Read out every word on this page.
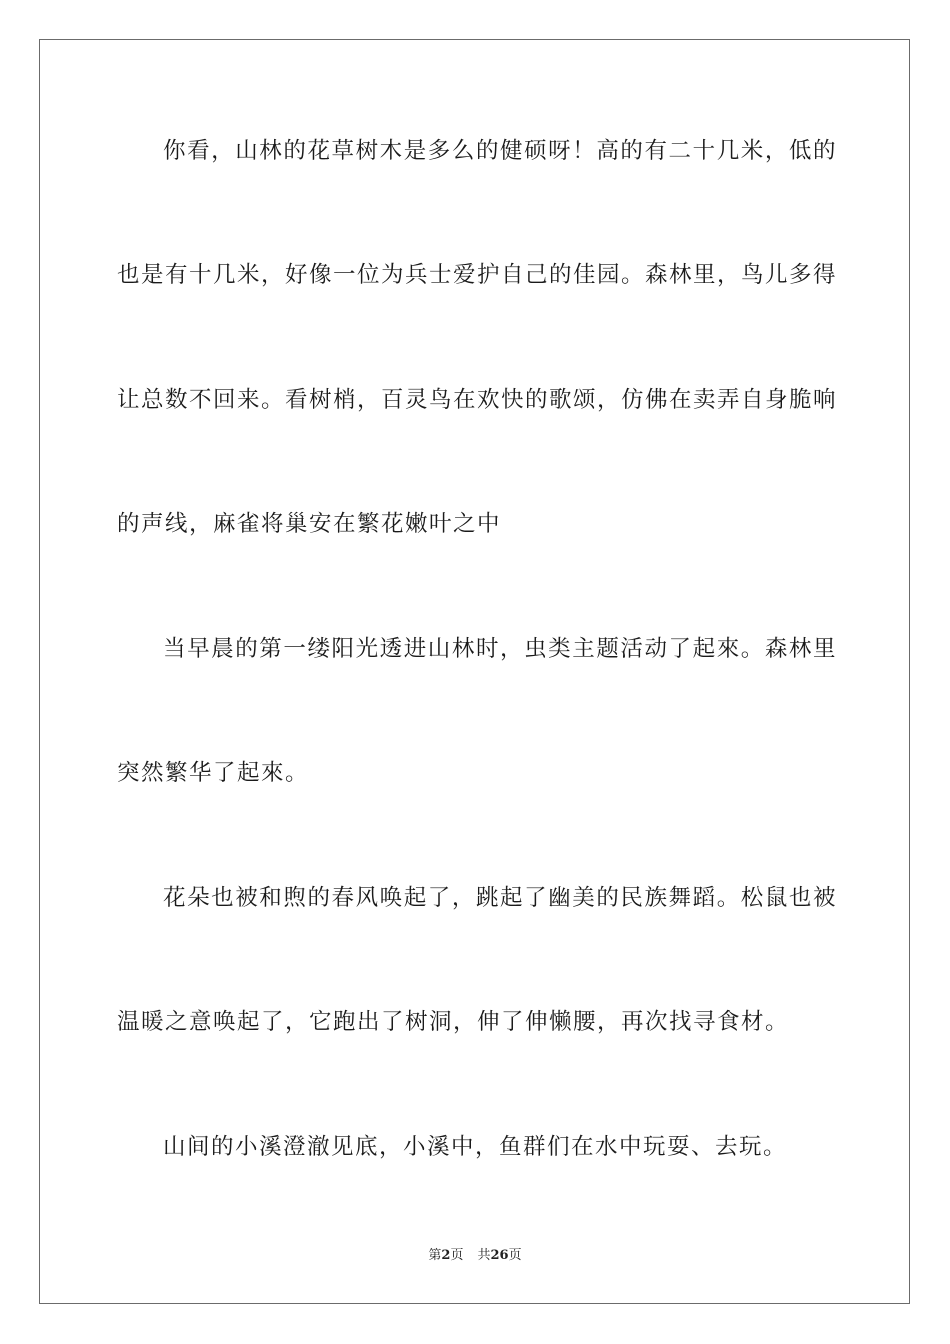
你看，山林的花草树木是多么的健硕呀！高的有二十几米，低的
也是有十几米，好像一位为兵士爱护自己的佳园。森林里，鸟儿多得
让总数不回来。看树梢，百灵鸟在欢快的歌颂，仿佛在卖弄自身脆响
的声线，麻雀将巢安在繁花嫩叶之中
当早晨的第一缕阳光透进山林时，虫类主题活动了起來。森林里
突然繁华了起來。
花朵也被和煦的春风唤起了，跳起了幽美的民族舞蹈。松鼠也被
温暖之意唤起了，它跑出了树洞，伸了伸懒腰，再次找寻食材。
山间的小溪澄澈见底，小溪中，鱼群们在水中玩耍、去玩。
第2页 共26页
